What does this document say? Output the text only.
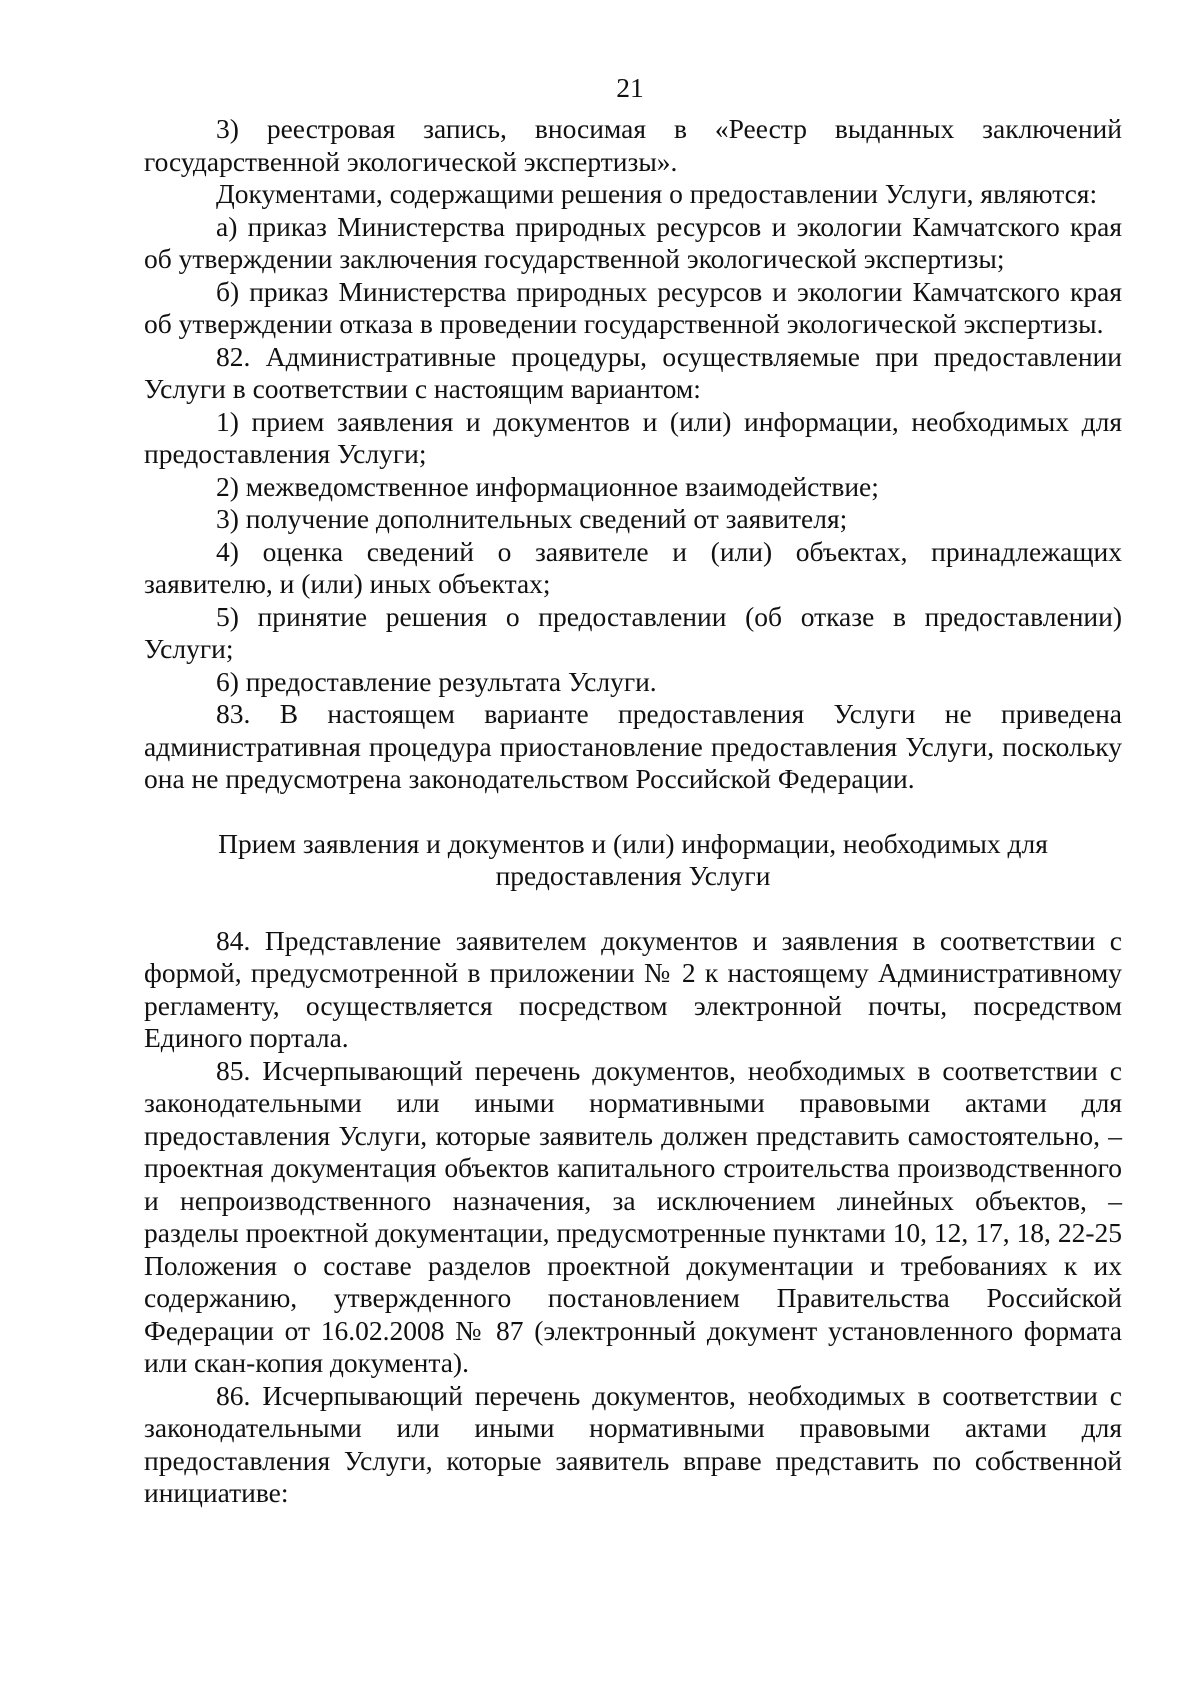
21

3) реестровая запись, вносимая в «Реестр выданных заключений государственной экологической экспертизы».

Документами, содержащими решения о предоставлении Услуги, являются:

а) приказ Министерства природных ресурсов и экологии Камчатского края об утверждении заключения государственной экологической экспертизы;

б) приказ Министерства природных ресурсов и экологии Камчатского края об утверждении отказа в проведении государственной экологической экспертизы.

82. Административные процедуры, осуществляемые при предоставлении Услуги в соответствии с настоящим вариантом:

1) прием заявления и документов и (или) информации, необходимых для предоставления Услуги;

2) межведомственное информационное взаимодействие;

3) получение дополнительных сведений от заявителя;

4) оценка сведений о заявителе и (или) объектах, принадлежащих заявителю, и (или) иных объектах;

5) принятие решения о предоставлении (об отказе в предоставлении) Услуги;

6) предоставление результата Услуги.

83. В настоящем варианте предоставления Услуги не приведена административная процедура приостановление предоставления Услуги, поскольку она не предусмотрена законодательством Российской Федерации.

Прием заявления и документов и (или) информации, необходимых для предоставления Услуги

84. Представление заявителем документов и заявления в соответствии с формой, предусмотренной в приложении № 2 к настоящему Административному регламенту, осуществляется посредством электронной почты, посредством Единого портала.

85. Исчерпывающий перечень документов, необходимых в соответствии с законодательными или иными нормативными правовыми актами для предоставления Услуги, которые заявитель должен представить самостоятельно, – проектная документация объектов капитального строительства производственного и непроизводственного назначения, за исключением линейных объектов, – разделы проектной документации, предусмотренные пунктами 10, 12, 17, 18, 22-25 Положения о составе разделов проектной документации и требованиях к их содержанию, утвержденного постановлением Правительства Российской Федерации от 16.02.2008 № 87 (электронный документ установленного формата или скан-копия документа).

86. Исчерпывающий перечень документов, необходимых в соответствии с законодательными или иными нормативными правовыми актами для предоставления Услуги, которые заявитель вправе представить по собственной инициативе:
